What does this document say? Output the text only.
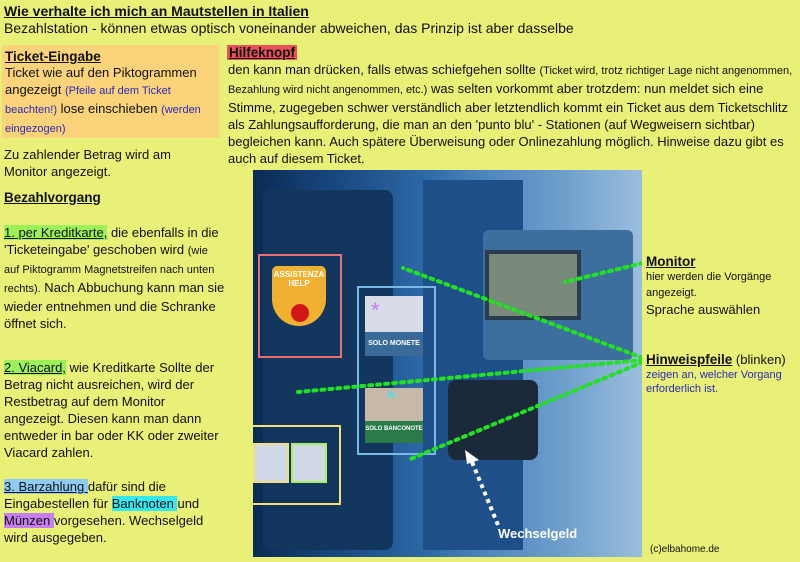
Wie verhalte ich mich an Mautstellen in Italien
Bezahlstation - können etwas optisch voneinander abweichen, das Prinzip ist aber dasselbe
Ticket-Eingabe

Ticket wie auf den Piktogrammen angezeigt (Pfeile auf dem Ticket beachten!) lose einschieben (werden eingezogen)

Zu zahlender Betrag wird am Monitor angezeigt.

Bezahlvorgang

1. per Kreditkarte, die ebenfalls in die 'Ticketeingabe' geschoben wird (wie auf Piktogramm Magnetstreifen nach unten rechts). Nach Abbuchung kann man sie wieder entnehmen und die Schranke öffnet sich.

2. Viacard, wie Kreditkarte Sollte der Betrag nicht ausreichen, wird der Restbetrag auf dem Monitor angezeigt. Diesen kann man dann entweder in bar oder KK oder zweiter Viacard zahlen.

3. Barzahlung dafür sind die Eingabestellen für Banknoten und Münzen vorgesehen. Wechselgeld wird ausgegeben.

Hilfeknopf

den kann man drücken, falls etwas schiefgehen sollte (Ticket wird, trotz richtiger Lage nicht angenommen, Bezahlung wird nicht angenommen, etc.) was selten vorkommt aber trotzdem: nun meldet sich eine Stimme, zugegeben schwer verständlich aber letztendlich kommt ein Ticket aus dem Ticketschlitz als Zahlungsaufforderung, die man an den 'punto blu' - Stationen (auf Wegweisern sichtbar) begleichen kann. Auch spätere Überweisung oder Onlinezahlung möglich. Hinweise dazu gibt es auch auf diesem Ticket.

ASSISTENZA HELP
SOLO MONETE
*
SOLO BANCONOTE
*
Wechselgeld
Monitor

hier werden die Vorgänge angezeigt.

Sprache auswählen

Hinweispfeile (blinken)

zeigen an, welcher Vorgang erforderlich ist.

(c)elbahome.de
